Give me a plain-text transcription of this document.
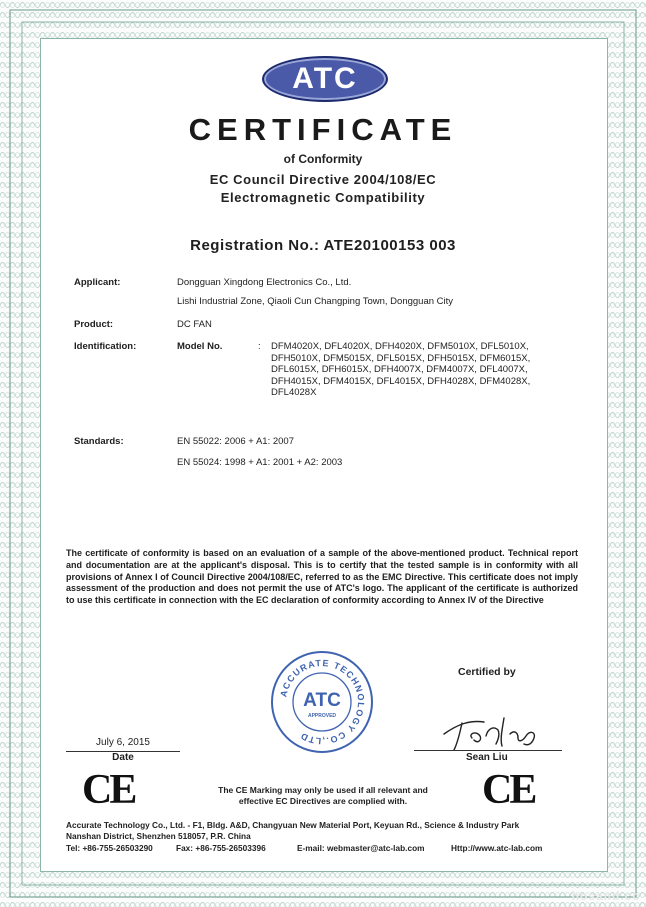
ATC
CERTIFICATE
of Conformity
EC Council Directive 2004/108/EC
Electromagnetic Compatibility
Registration No.: ATE20100153 003
Applicant:	Dongguan Xingdong Electronics Co., Ltd.
Lishi Industrial Zone, Qiaoli Cun Changping Town, Dongguan City
Product:	DC FAN
Identification:	Model No.	: DFM4020X, DFL4020X, DFH4020X, DFM5010X, DFL5010X,
DFH5010X, DFM5015X, DFL5015X, DFH5015X, DFM6015X,
DFL6015X, DFH6015X, DFH4007X, DFM4007X, DFL4007X,
DFH4015X, DFM4015X, DFL4015X, DFH4028X, DFM4028X,
DFL4028X
Standards:	EN 55022: 2006 + A1: 2007
EN 55024: 1998 + A1: 2001 + A2: 2003
The certificate of conformity is based on an evaluation of a sample of the above-mentioned product. Technical report and documentation are at the applicant's disposal. This is to certify that the tested sample is in conformity with all provisions of Annex I of Council Directive 2004/108/EC, referred to as the EMC Directive. This certificate does not imply assessment of the production and does not permit the use of ATC's logo. The applicant of the certificate is authorized to use this certificate in connection with the EC declaration of conformity according to Annex IV of the Directive
Certified by
ACCURATE TECHNOLOGY CO.,LTD
ATC
APPROVED
July 6, 2015
Date	Sean Liu
CE	CE
The CE Marking may only be used if all relevant and
effective EC Directives are complied with.
Accurate Technology Co., Ltd. - F1, Bldg. A&D, Changyuan New Material Port, Keyuan Rd., Science & Industry Park
Nanshan District, Shenzhen 518057, P.R. China
Tel: +86-755-26503290	Fax: +86-755-26503396	E-mail: webmaster@atc-lab.com	Http://www.atc-lab.com
hosand.cc
